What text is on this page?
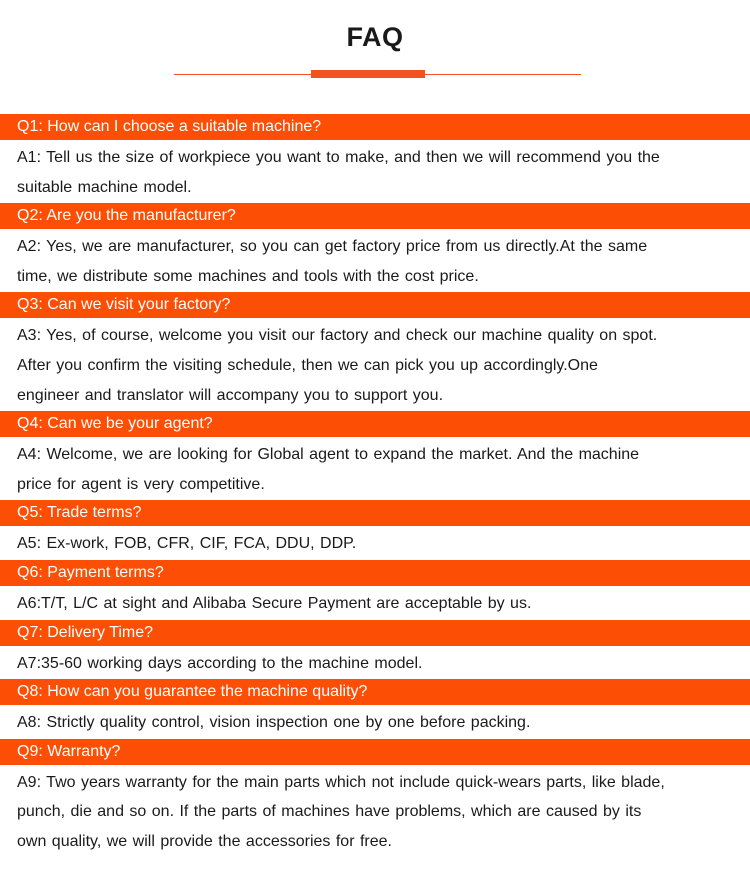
FAQ
Q1: How can I choose a suitable machine?
A1: Tell us the size of workpiece you want to make, and then we will recommend you the
suitable machine model.
Q2: Are you the manufacturer?
A2: Yes, we are manufacturer, so you can get factory price from us directly.At the same
time, we distribute some machines and tools with the cost price.
Q3: Can we visit your factory?
A3: Yes, of course, welcome you visit our factory and check our machine quality on spot.
After you confirm the visiting schedule, then we can pick you up accordingly.One
engineer and translator will accompany you to support you.
Q4: Can we be your agent?
A4: Welcome, we are looking for Global agent to expand the market. And the machine
price for agent is very competitive.
Q5: Trade terms?
A5: Ex-work, FOB, CFR, CIF, FCA, DDU, DDP.
Q6: Payment terms?
A6:T/T, L/C at sight and Alibaba Secure Payment are acceptable by us.
Q7: Delivery Time?
A7:35-60 working days according to the machine model.
Q8: How can you guarantee the machine quality?
A8: Strictly quality control, vision inspection one by one before packing.
Q9: Warranty?
A9: Two years warranty for the main parts which not include quick-wears parts, like blade,
punch, die and so on. If the parts of machines have problems, which are caused by its
own quality, we will provide the accessories for free.
